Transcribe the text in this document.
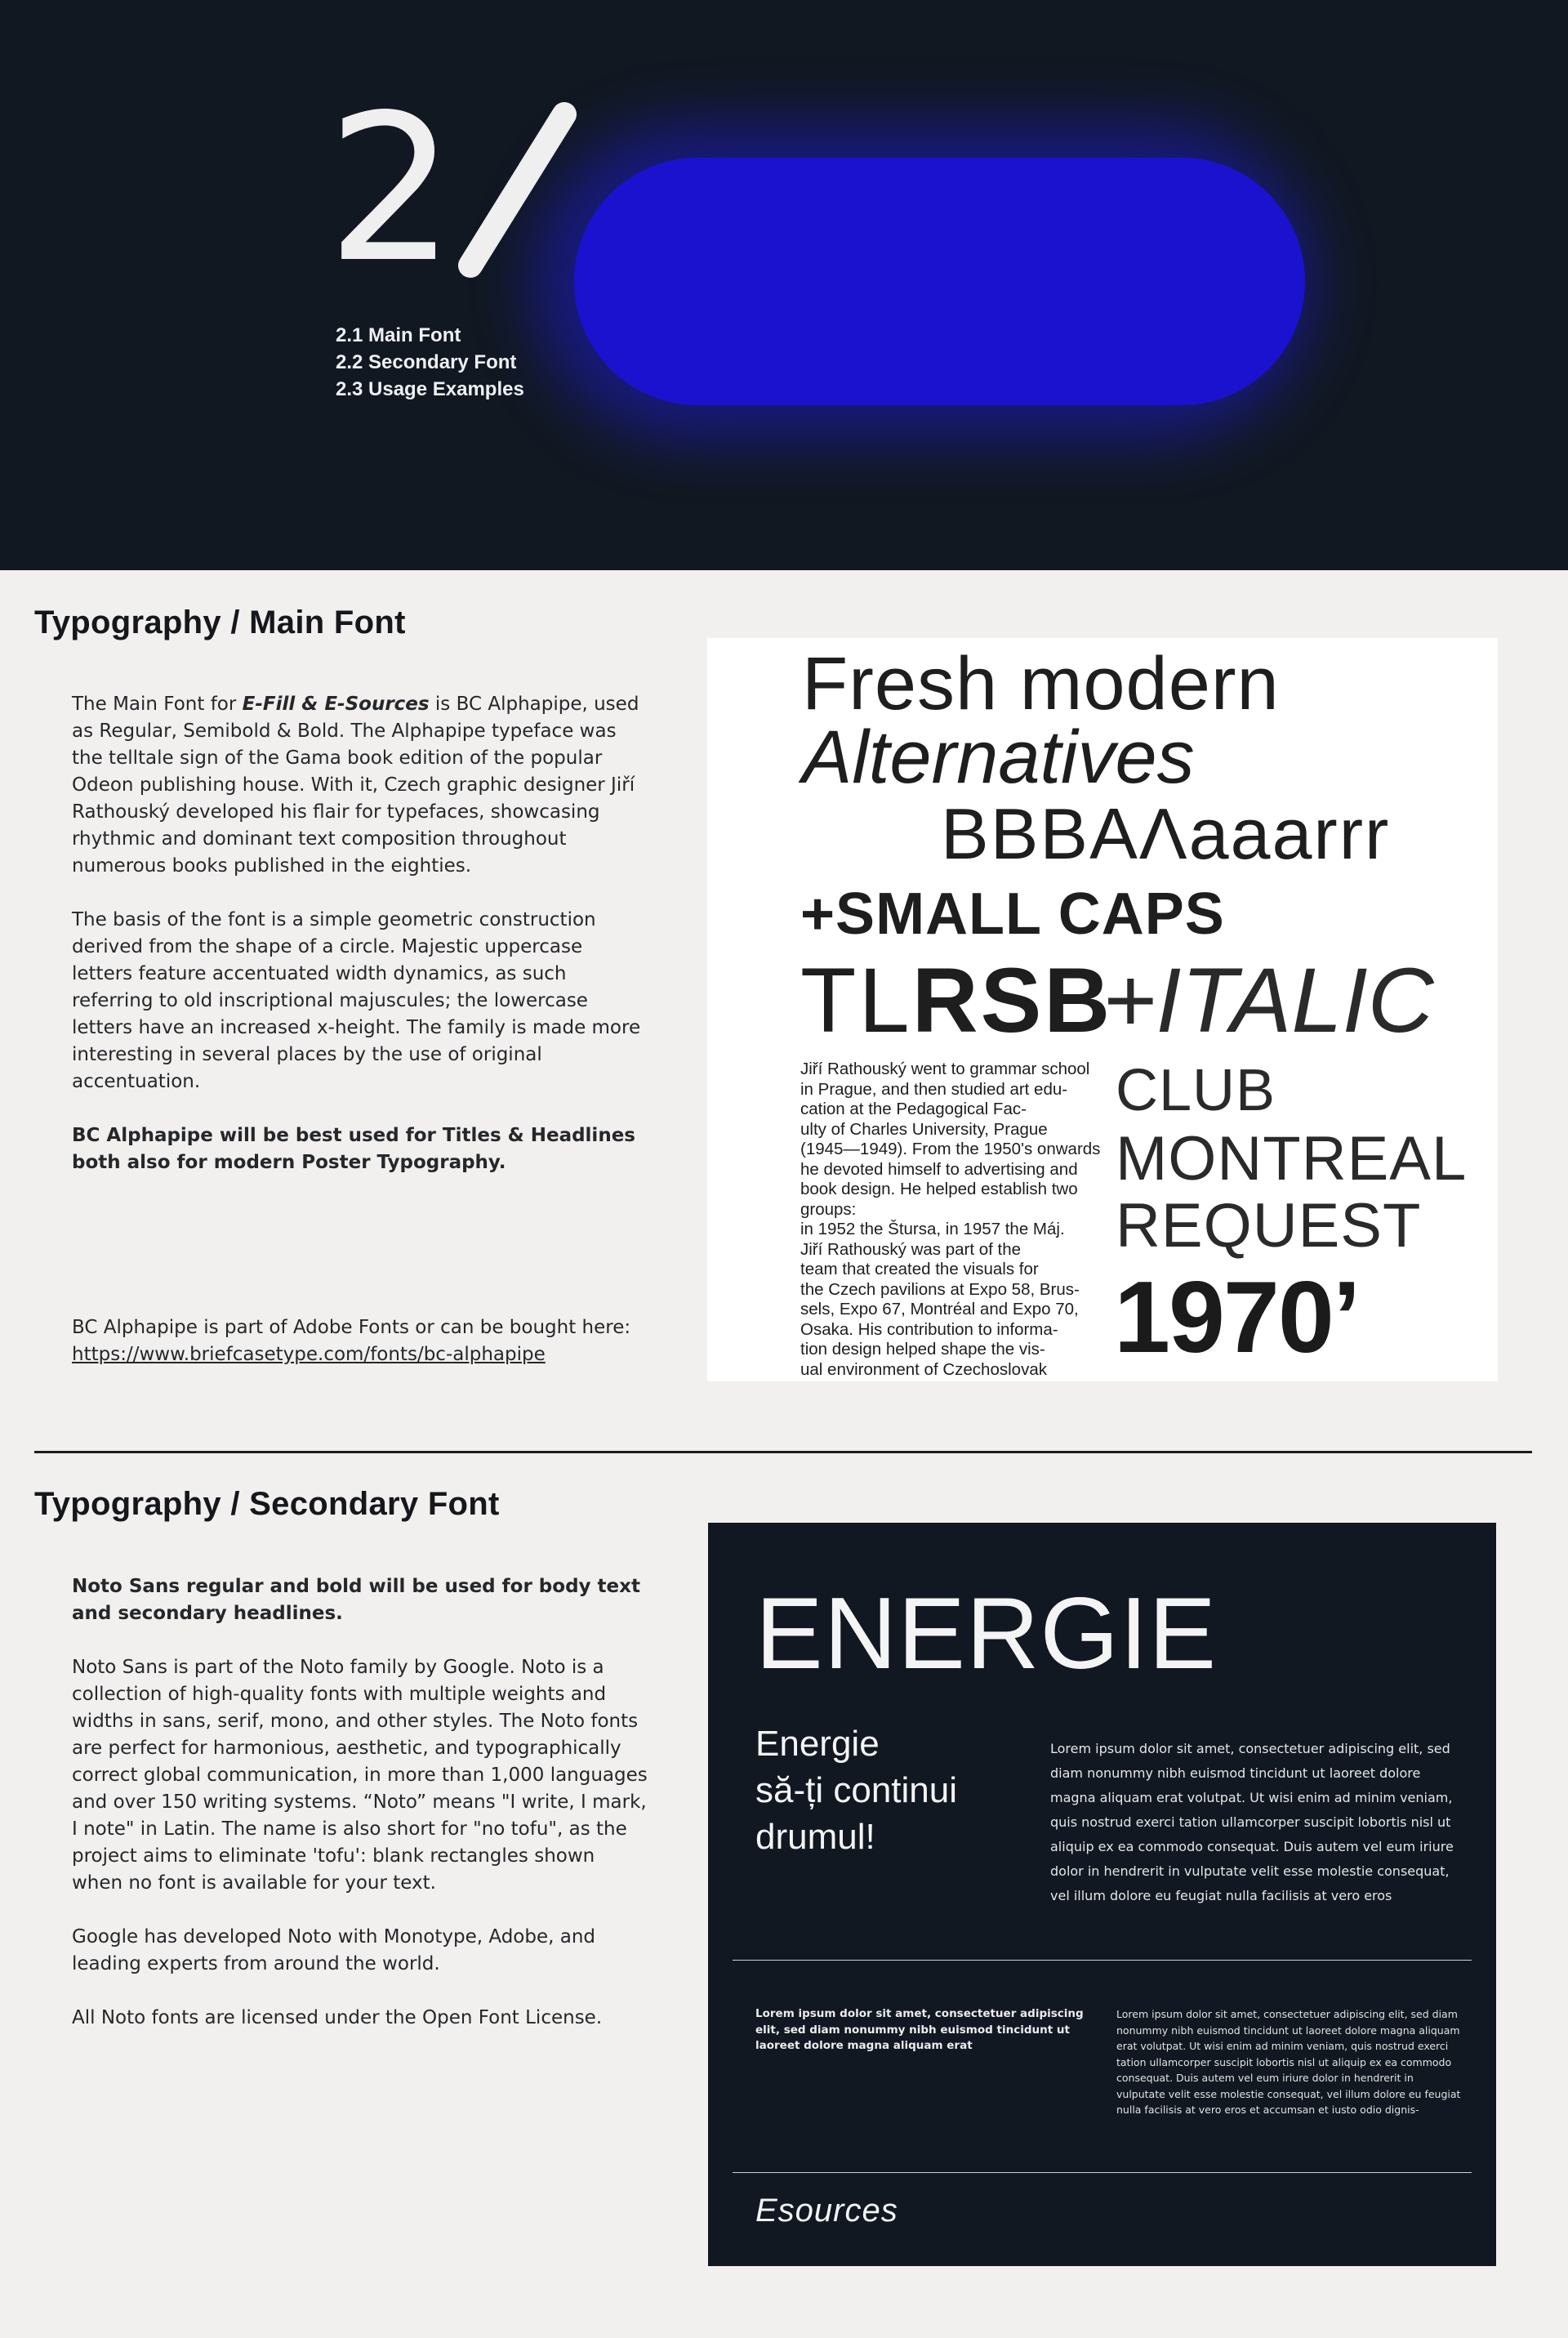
2
2.1 Main Font
2.2 Secondary Font
2.3 Usage Examples
Typography / Main Font

The Main Font for E-Fill & E-Sources is BC Alphapipe, used as Regular, Semibold & Bold. The Alphapipe typeface was the telltale sign of the Gama book edition of the popular Odeon publishing house. With it, Czech graphic designer Jiří Rathouský developed his flair for typefaces, showcasing rhythmic and dominant text composition throughout numerous books published in the eighties.

The basis of the font is a simple geometric construction derived from the shape of a circle. Majestic uppercase letters feature accentuated width dynamics, as such referring to old inscriptional majuscules; the lowercase letters have an increased x-height. The family is made more interesting in several places by the use of original accentuation.

BC Alphapipe will be best used for Titles & Headlines both also for modern Poster Typography.

BC Alphapipe is part of Adobe Fonts or can be bought here:
https://www.briefcasetype.com/fonts/bc-alphapipe
Fresh modern
Alternatives
BBBAΛaaarrr
+SMALL CAPS
TLRSB
+ITALIC
Jiří Rathouský went to grammar school
in Prague, and then studied art edu-
cation at the Pedagogical Fac-
ulty of Charles University, Prague
(1945—1949). From the 1950's onwards
he devoted himself to advertising and
book design. He helped establish two
groups:
in 1952 the Štursa, in 1957 the Máj.
Jiří Rathouský was part of the
team that created the visuals for
the Czech pavilions at Expo 58, Brus-
sels, Expo 67, Montréal and Expo 70,
Osaka. His contribution to informa-
tion design helped shape the vis-
ual environment of Czechoslovak
CLUB
MONTREAL
REQUEST
1970’
Typography / Secondary Font

Noto Sans regular and bold will be used for body text and secondary headlines.

Noto Sans is part of the Noto family by Google. Noto is a collection of high-quality fonts with multiple weights and widths in sans, serif, mono, and other styles. The Noto fonts are perfect for harmonious, aesthetic, and typographically correct global communication, in more than 1,000 languages and over 150 writing systems. “Noto” means "I write, I mark, I note" in Latin. The name is also short for "no tofu", as the project aims to eliminate 'tofu': blank rectangles shown when no font is available for your text.

Google has developed Noto with Monotype, Adobe, and leading experts from around the world.

All Noto fonts are licensed under the Open Font License.

ENERGIE
Energie
să-ți continui
drumul!
Lorem ipsum dolor sit amet, consectetuer adipiscing elit, sed diam nonummy nibh euismod tincidunt ut laoreet dolore magna aliquam erat volutpat. Ut wisi enim ad minim veniam, quis nostrud exerci tation ullamcorper suscipit lobortis nisl ut aliquip ex ea commodo consequat. Duis autem vel eum iriure dolor in hendrerit in vulputate velit esse molestie consequat, vel illum dolore eu feugiat nulla facilisis at vero eros
Lorem ipsum dolor sit amet, consectetuer adipiscing elit, sed diam nonummy nibh euismod tincidunt ut laoreet dolore magna aliquam erat
Lorem ipsum dolor sit amet, consectetuer adipiscing elit, sed diam nonummy nibh euismod tincidunt ut laoreet dolore magna aliquam erat volutpat. Ut wisi enim ad minim veniam, quis nostrud exerci tation ullamcorper suscipit lobortis nisl ut aliquip ex ea commodo consequat. Duis autem vel eum iriure dolor in hendrerit in vulputate velit esse molestie consequat, vel illum dolore eu feugiat nulla facilisis at vero eros et accumsan et iusto odio dignis-
Esources
